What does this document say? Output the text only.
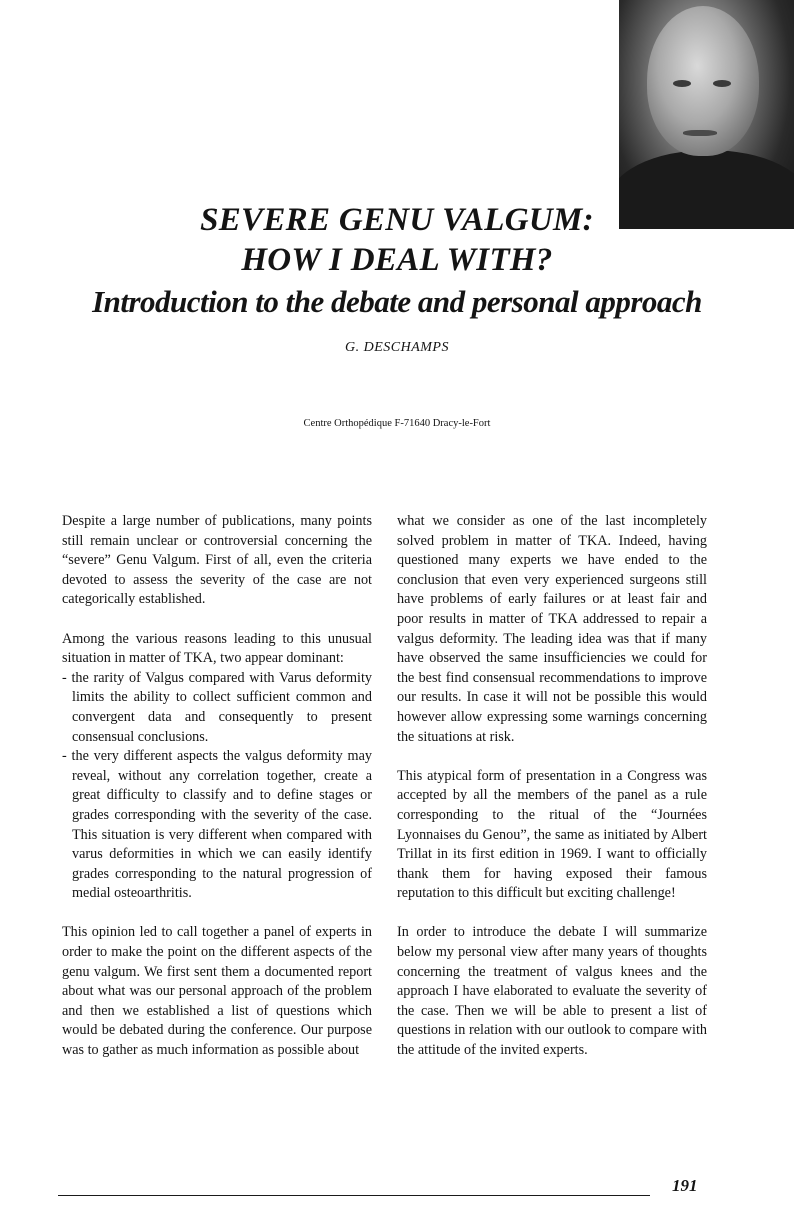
SEVERE GENU VALGUM:
HOW I DEAL WITH?
Introduction to the debate and personal approach
G. DESCHAMPS
Centre Orthopédique F-71640 Dracy-le-Fort

Despite a large number of publications, many points still remain unclear or controversial concerning the “severe” Genu Valgum. First of all, even the criteria devoted to assess the severity of the case are not categorically established.

Among the various reasons leading to this unusual situation in matter of TKA, two appear dominant:

- the rarity of Valgus compared with Varus deformity limits the ability to collect sufficient common and convergent data and consequently to present consensual conclusions.
- the very different aspects the valgus deformity may reveal, without any correlation together, create a great difficulty to classify and to define stages or grades corresponding with the severity of the case. This situation is very different when compared with varus deformities in which we can easily identify grades corresponding to the natural progression of medial osteoarthritis.

This opinion led to call together a panel of experts in order to make the point on the different aspects of the genu valgum. We first sent them a documented report about what was our personal approach of the problem and then we established a list of questions which would be debated during the conference. Our purpose was to gather as much information as possible about

what we consider as one of the last incompletely solved problem in matter of TKA. Indeed, having questioned many experts we have ended to the conclusion that even very experienced surgeons still have problems of early failures or at least fair and poor results in matter of TKA addressed to repair a valgus deformity. The leading idea was that if many have observed the same insufficiencies we could for the best find consensual recommendations to improve our results. In case it will not be possible this would however allow expressing some warnings concerning the situations at risk.

This atypical form of presentation in a Congress was accepted by all the members of the panel as a rule corresponding to the ritual of the “Journées Lyonnaises du Genou”, the same as initiated by Albert Trillat in its first edition in 1969. I want to officially thank them for having exposed their famous reputation to this difficult but exciting challenge!

In order to introduce the debate I will summarize below my personal view after many years of thoughts concerning the treatment of valgus knees and the approach I have elaborated to evaluate the severity of the case. Then we will be able to present a list of questions in relation with our outlook to compare with the attitude of the invited experts.

191
